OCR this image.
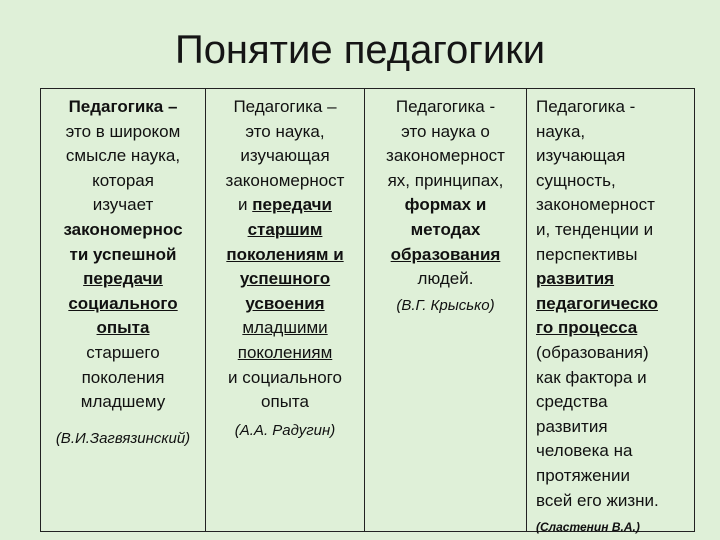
Понятие педагогики
Педагогика –
это в широком
смысле наука,
которая
изучает
закономернос
ти успешной
передачи
социального
опыта
старшего
поколения
младшему
(В.И.Загвязинский)
Педагогика –
это наука,
изучающая
закономерност
и передачи
старшим
поколениям и
успешного
усвоения
младшими
поколениям
и социального
опыта
(А.А. Радугин)
Педагогика -
это наука о
закономерност
ях, принципах,
формах и
методах
образования
людей.
(В.Г. Крысько)
Педагогика -
наука,
изучающая
сущность,
закономерност
и, тенденции и
перспективы
развития
педагогическо
го процесса
(образования)
как фактора и
средства
развития
человека на
протяжении
всей его жизни.
(Сластенин В.А.)
